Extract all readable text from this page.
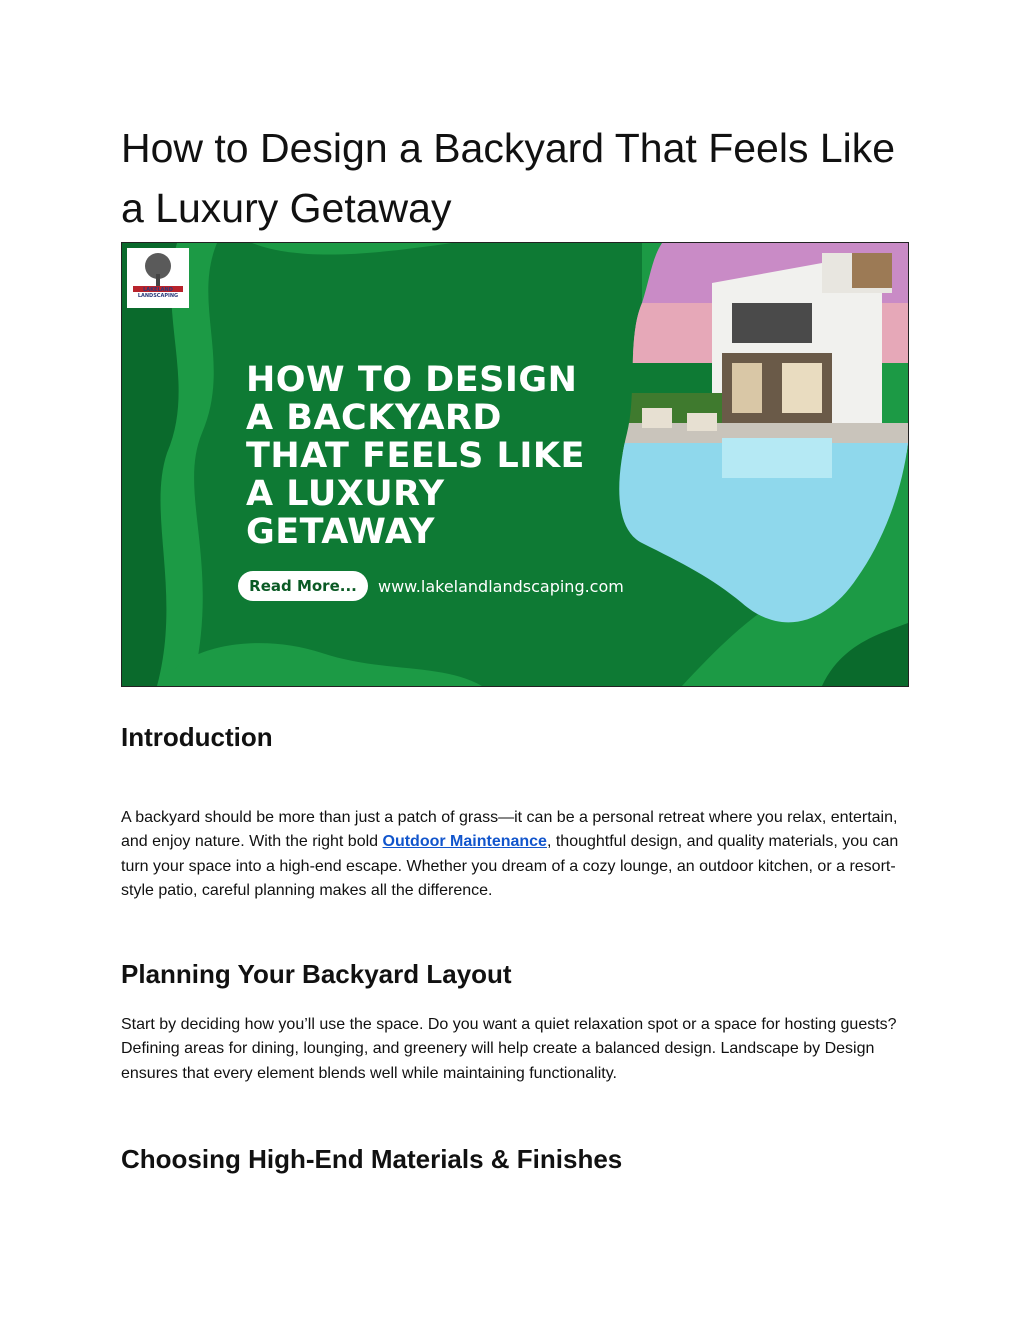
How to Design a Backyard That Feels Like a Luxury Getaway
LAKELAND LANDSCAPING
HOW TO DESIGN
A BACKYARD
THAT FEELS LIKE
A LUXURY
GETAWAY
Read More...	www.lakelandlandscaping.com
Introduction

A backyard should be more than just a patch of grass—it can be a personal retreat where you relax, entertain, and enjoy nature. With the right bold Outdoor Maintenance, thoughtful design, and quality materials, you can turn your space into a high-end escape. Whether you dream of a cozy lounge, an outdoor kitchen, or a resort-style patio, careful planning makes all the difference.

Planning Your Backyard Layout

Start by deciding how you’ll use the space. Do you want a quiet relaxation spot or a space for hosting guests? Defining areas for dining, lounging, and greenery will help create a balanced design. Landscape by Design ensures that every element blends well while maintaining functionality.

Choosing High-End Materials & Finishes
